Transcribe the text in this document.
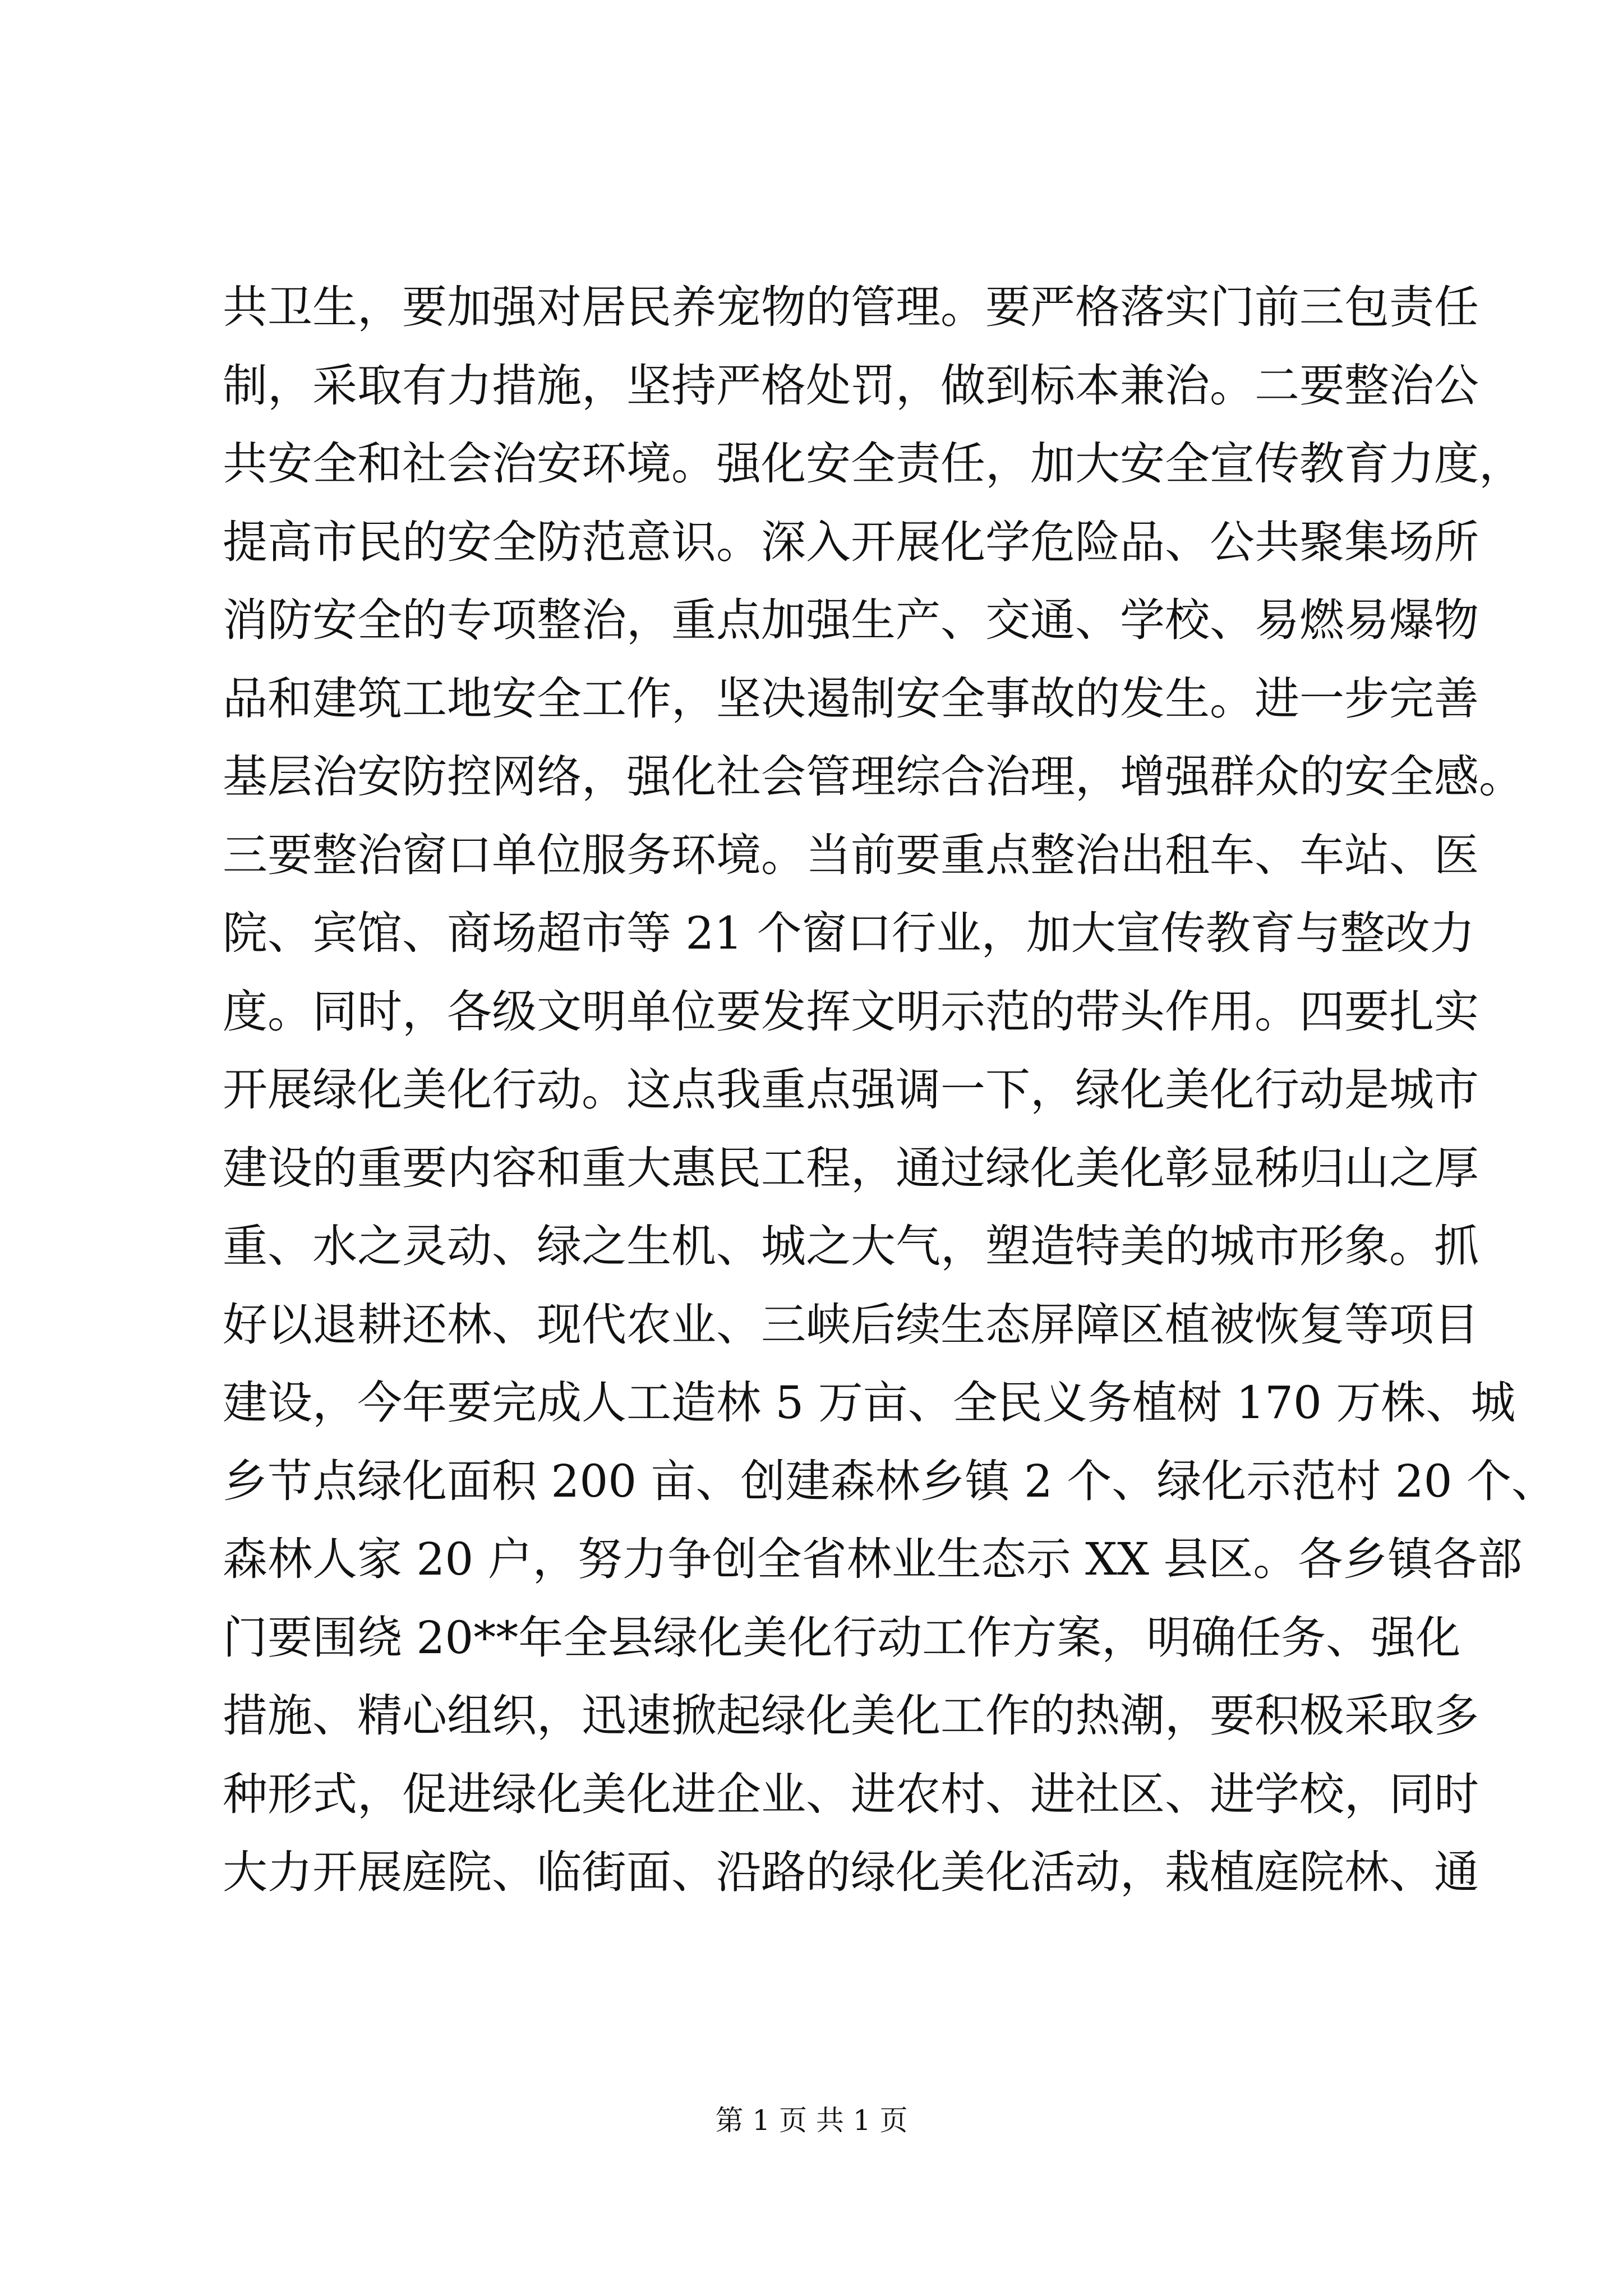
共卫生，要加强对居民养宠物的管理。要严格落实门前三包责任
制，采取有力措施，坚持严格处罚，做到标本兼治。二要整治公
共安全和社会治安环境。强化安全责任，加大安全宣传教育力度，
提高市民的安全防范意识。深入开展化学危险品、公共聚集场所
消防安全的专项整治，重点加强生产、交通、学校、易燃易爆物
品和建筑工地安全工作，坚决遏制安全事故的发生。进一步完善
基层治安防控网络，强化社会管理综合治理，增强群众的安全感。
三要整治窗口单位服务环境。当前要重点整治出租车、车站、医
院、宾馆、商场超市等 21 个窗口行业，加大宣传教育与整改力
度。同时，各级文明单位要发挥文明示范的带头作用。四要扎实
开展绿化美化行动。这点我重点强调一下，绿化美化行动是城市
建设的重要内容和重大惠民工程，通过绿化美化彰显秭归山之厚
重、水之灵动、绿之生机、城之大气，塑造特美的城市形象。抓
好以退耕还林、现代农业、三峡后续生态屏障区植被恢复等项目
建设，今年要完成人工造林 5 万亩、全民义务植树 170 万株、城
乡节点绿化面积 200 亩、创建森林乡镇 2 个、绿化示范村 20 个、
森林人家 20 户，努力争创全省林业生态示 XX 县区。各乡镇各部
门要围绕 20**年全县绿化美化行动工作方案，明确任务、强化
措施、精心组织，迅速掀起绿化美化工作的热潮，要积极采取多
种形式，促进绿化美化进企业、进农村、进社区、进学校，同时
大力开展庭院、临街面、沿路的绿化美化活动，栽植庭院林、通
第 1 页 共 1 页
